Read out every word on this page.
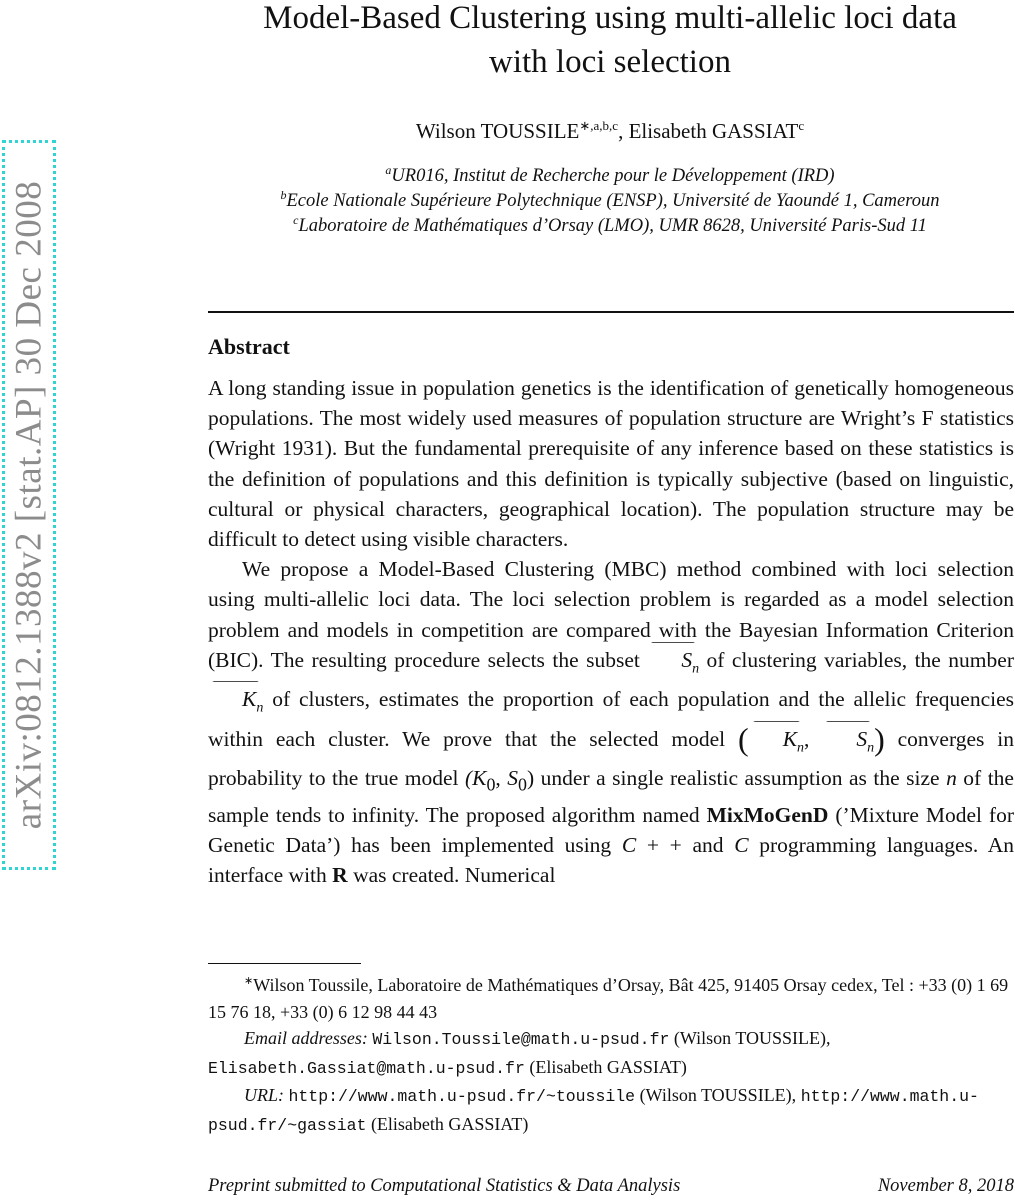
arXiv:0812.1388v2 [stat.AP] 30 Dec 2008
Model-Based Clustering using multi-allelic loci data
with loci selection
Wilson $TOUSSILE^{∗,a,b,c}$, Elisabeth GASSIAT$^c$
$^a$UR016, Institut de Recherche pour le Développement (IRD)
$^b$Ecole Nationale Supérieure Polytechnique (ENSP), Université de Yaoundé 1, Cameroun
$^c$Laboratoire de Mathématiques d’Orsay (LMO), UMR 8628, Université Paris-Sud 11
Abstract

A long standing issue in population genetics is the identification of genetically homogeneous populations. The most widely used measures of population structure are Wright’s F statistics (Wright 1931). But the fundamental prerequisite of any inference based on these statistics is the definition of populations and this definition is typically subjective (based on linguistic, cultural or physical characters, geographical location). The population structure may be difficult to detect using visible characters.

We propose a Model-Based Clustering (MBC) method combined with loci selection using multi-allelic loci data. The loci selection problem is regarded as a model selection problem and models in competition are compared with the Bayesian Information Criterion (BIC). The resulting procedure selects the subset $S_n$ of clustering variables, the number $K_n$ of clusters, estimates the proportion of each population and the allelic frequencies within each cluster. We prove that the selected model ( $K_n$, $S_n$) converges in probability to the true model ($K_0$, $S_0$) under a single realistic assumption as the size n of the sample tends to infinity. The proposed algorithm named MixMoGenD (’Mixture Model for Genetic Data’) has been implemented using C + + and C programming languages. An interface with R was created. Numerical

∗Wilson Toussile, Laboratoire de Mathématiques d’Orsay, Bât 425, 91405 Orsay cedex, Tel : +33 (0) 1 69 15 76 18, +33 (0) 6 12 98 44 43

Email addresses: Wilson.Toussile@math.u-psud.fr (Wilson TOUSSILE), Elisabeth.Gassiat@math.u-psud.fr (Elisabeth GASSIAT)

URL: http://www.math.u-psud.fr/~toussile (Wilson TOUSSILE), http://www.math.u-psud.fr/~gassiat (Elisabeth GASSIAT)

Preprint submitted to Computational Statistics & Data Analysis	November 8, 2018
